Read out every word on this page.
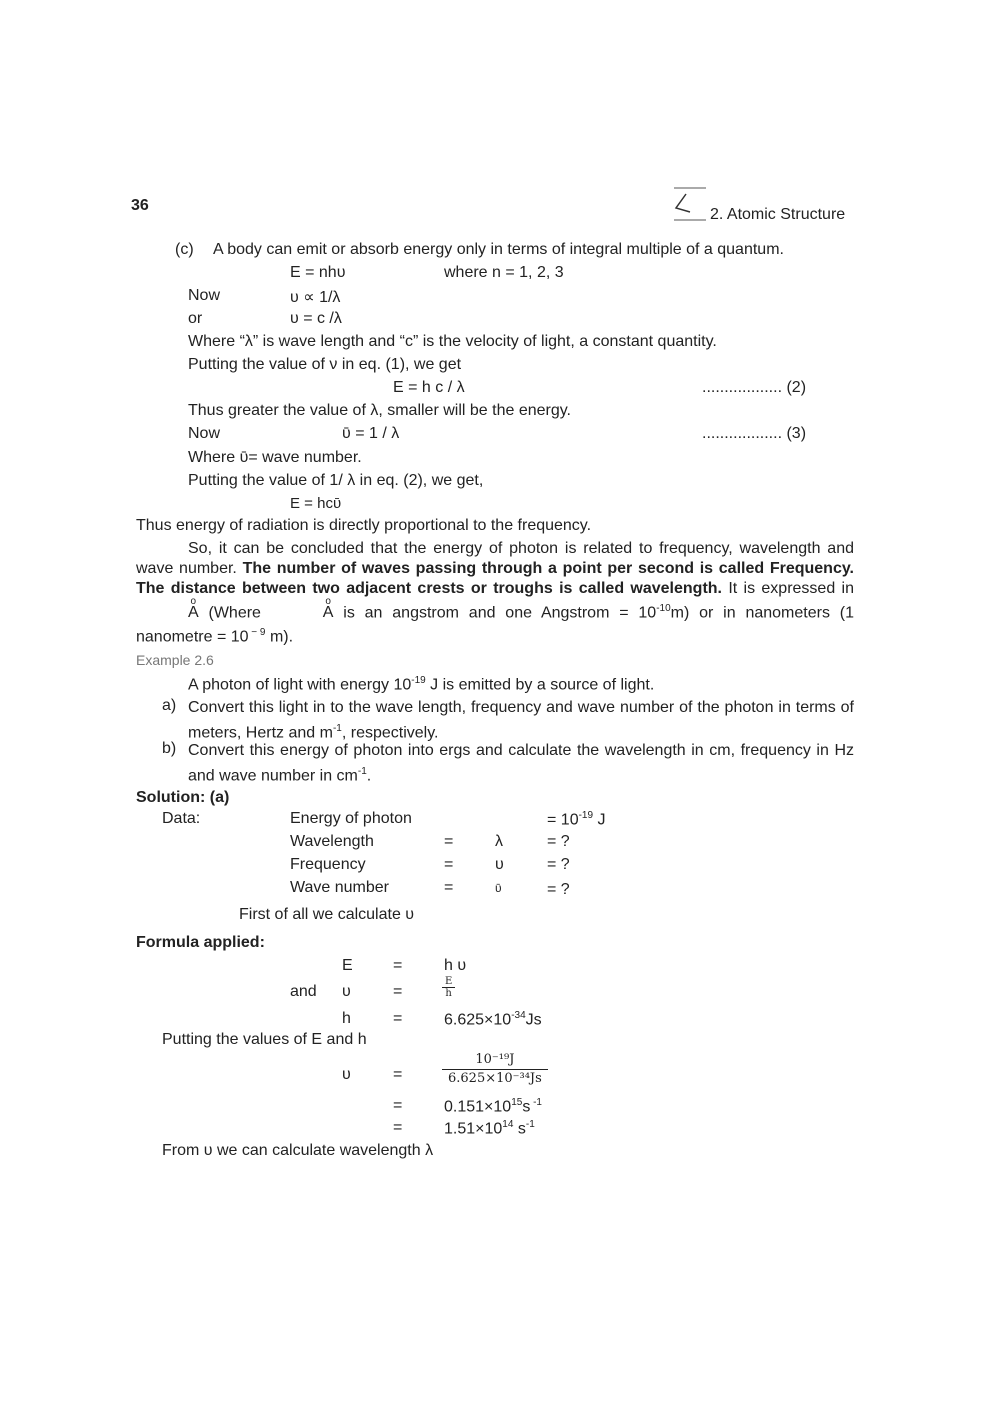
36
2. Atomic Structure
(c) A body can emit or absorb energy only in terms of integral multiple of a quantum.
E = nhυ	where n = 1, 2, 3
Now	υ ∝ 1/λ
or	υ = c /λ
Where “λ” is wave length and “c” is the velocity of light, a constant quantity.
Putting the value of ν in eq. (1), we get
E = h c / λ	.................. (2)
Thus greater the value of λ, smaller will be the energy.
Now	ῡ = 1 / λ	.................. (3)
Where ῡ= wave number.
Putting the value of 1/ λ in eq. (2), we get,
E = hcῡ
Thus energy of radiation is directly proportional to the frequency.
So, it can be concluded that the energy of photon is related to frequency, wavelength and wave number. The number of waves passing through a point per second is called Frequency. The distance between two adjacent crests or troughs is called wavelength. It is expressed in o A (Where o	A is an angstrom and one Angstrom = $10^{-10}m$) or in nanometers (1 nanometre = 10 $^{- 9}$ m).
Example 2.6
A photon of light with energy $10^{-19}$ J is emitted by a source of light.
a) Convert this light in to the wave length, frequency and wave number of the photon in terms of meters, Hertz and $m^{-1}$, respectively.
b) Convert this energy of photon into ergs and calculate the wavelength in cm, frequency in Hz and wave number in $cm^{-1}$.
Solution: (a)
Data:	Energy of photon	= $10^{-19}$ J
Wavelength	=	λ	= ?
Frequency	=	υ	= ?
Wave number	=	ῡ	= ?
First of all we calculate υ
Formula applied:
E	=	h υ
and υ	=	$\frac{E}{h}$
h	=	$6.625\times 10^{-34}Js$
Putting the values of E and h
υ	=	$\frac{\text{10⁻¹⁹J}}{\text{6.625×10⁻³⁴Js}}$
=	$0.151\times 10^{15}s$ $^{-1}$
=	$1.51\times 10^{14}$ $s^{-1}$
From υ we can calculate wavelength λ
